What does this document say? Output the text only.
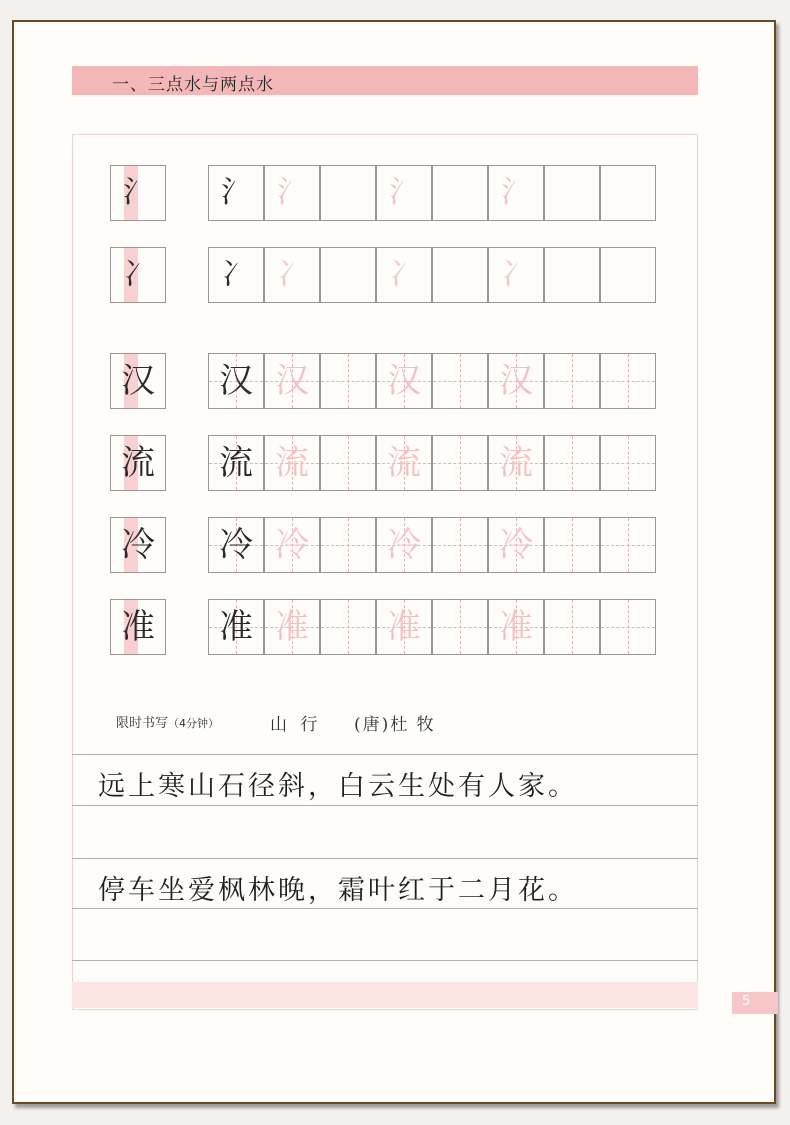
一、三点水与两点水
氵	氵 氵	氵	氵
冫	冫 冫	冫	冫
汉 汉 汉 汉 汉
流 流 流 流 流
冷 冷 冷 冷 冷
准 准 准 准 准
限时书写（4分钟）	山 行 (唐)杜 牧
远上寒山石径斜，白云生处有人家。
停车坐爱枫林晚，霜叶红于二月花。
5
